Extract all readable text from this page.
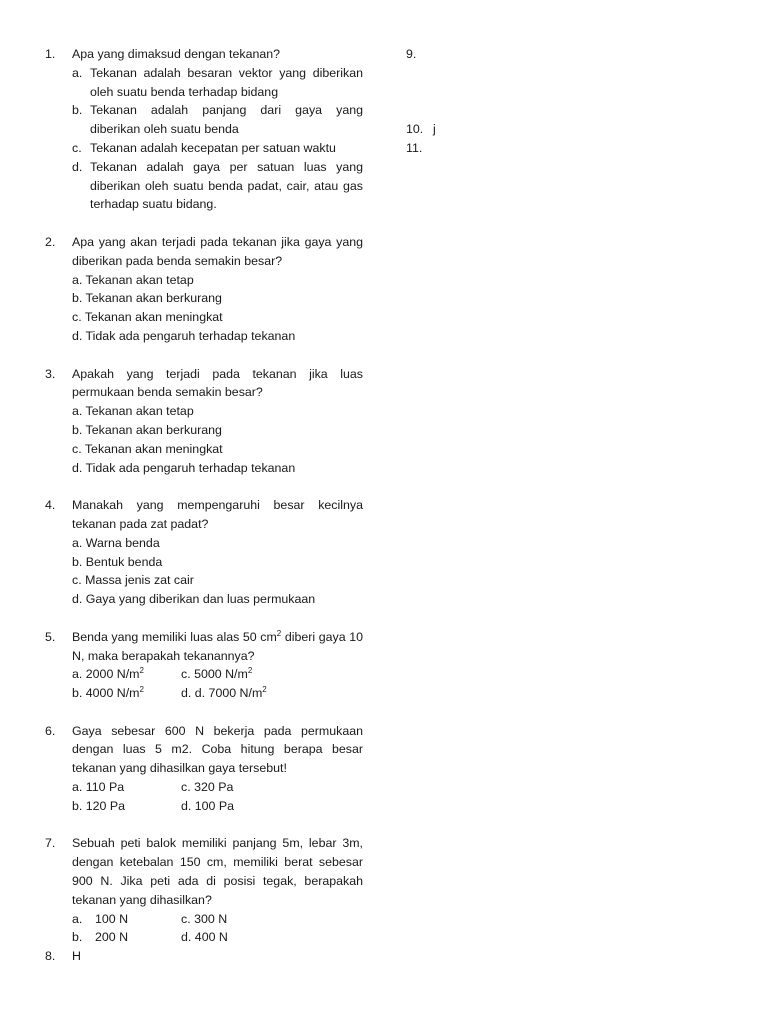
1. Apa yang dimaksud dengan tekanan?
a. Tekanan adalah besaran vektor yang diberikan oleh suatu benda terhadap bidang
b. Tekanan adalah panjang dari gaya yang diberikan oleh suatu benda
c. Tekanan adalah kecepatan per satuan waktu
d. Tekanan adalah gaya per satuan luas yang diberikan oleh suatu benda padat, cair, atau gas terhadap suatu bidang.
2. Apa yang akan terjadi pada tekanan jika gaya yang diberikan pada benda semakin besar?
a. Tekanan akan tetap
b. Tekanan akan berkurang
c. Tekanan akan meningkat
d. Tidak ada pengaruh terhadap tekanan
3. Apakah yang terjadi pada tekanan jika luas permukaan benda semakin besar?
a. Tekanan akan tetap
b. Tekanan akan berkurang
c. Tekanan akan meningkat
d. Tidak ada pengaruh terhadap tekanan
4. Manakah yang mempengaruhi besar kecilnya tekanan pada zat padat?
a. Warna benda
b. Bentuk benda
c. Massa jenis zat cair
d. Gaya yang diberikan dan luas permukaan
5. Benda yang memiliki luas alas 50 $cm^2$ diberi gaya 10 N, maka berapakah tekanannya?
a. 2000 $N/m^2$	c. 5000 $N/m^2$
b. 4000 $N/m^2$	d. d. 7000 $N/m^2$
6. Gaya sebesar 600 N bekerja pada permukaan dengan luas 5 m2. Coba hitung berapa besar tekanan yang dihasilkan gaya tersebut!
a. 110 Pa	c. 320 Pa
b. 120 Pa	d. 100 Pa
7. Sebuah peti balok memiliki panjang 5m, lebar 3m, dengan ketebalan 150 cm, memiliki berat sebesar 900 N. Jika peti ada di posisi tegak, berapakah tekanan yang dihasilkan?
a. 100 N	c. 300 N
b. 200 N	d. 400 N
8. H
9.
10. j
11.
